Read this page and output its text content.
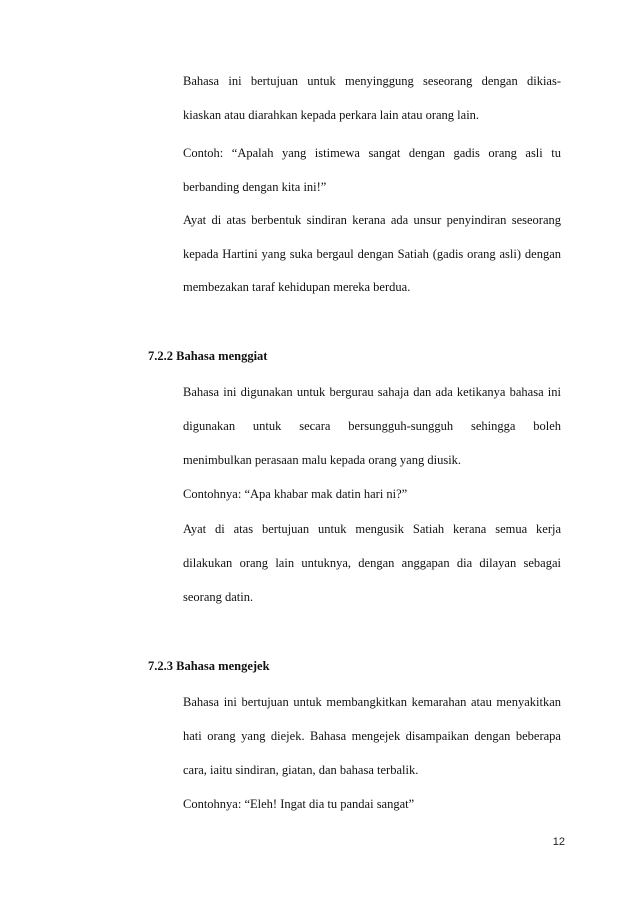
Bahasa ini bertujuan untuk menyinggung seseorang dengan dikias-
kiaskan atau diarahkan kepada perkara lain atau orang lain.
Contoh: “Apalah yang istimewa sangat dengan gadis orang asli tu
berbanding dengan kita ini!”
Ayat di atas berbentuk sindiran kerana ada unsur penyindiran seseorang
kepada Hartini yang suka bergaul dengan Satiah (gadis orang asli) dengan
membezakan taraf kehidupan mereka berdua.
7.2.2 Bahasa menggiat
Bahasa ini digunakan untuk bergurau sahaja dan ada ketikanya bahasa ini
digunakan untuk secara bersungguh-sungguh sehingga boleh
menimbulkan perasaan malu kepada orang yang diusik.
Contohnya: “Apa khabar mak datin hari ni?”
Ayat di atas bertujuan untuk mengusik Satiah kerana semua kerja
dilakukan orang lain untuknya, dengan anggapan dia dilayan sebagai
seorang datin.
7.2.3 Bahasa mengejek
Bahasa ini bertujuan untuk membangkitkan kemarahan atau menyakitkan
hati orang yang diejek. Bahasa mengejek disampaikan dengan beberapa
cara, iaitu sindiran, giatan, dan bahasa terbalik.
Contohnya: “Eleh! Ingat dia tu pandai sangat”
12
